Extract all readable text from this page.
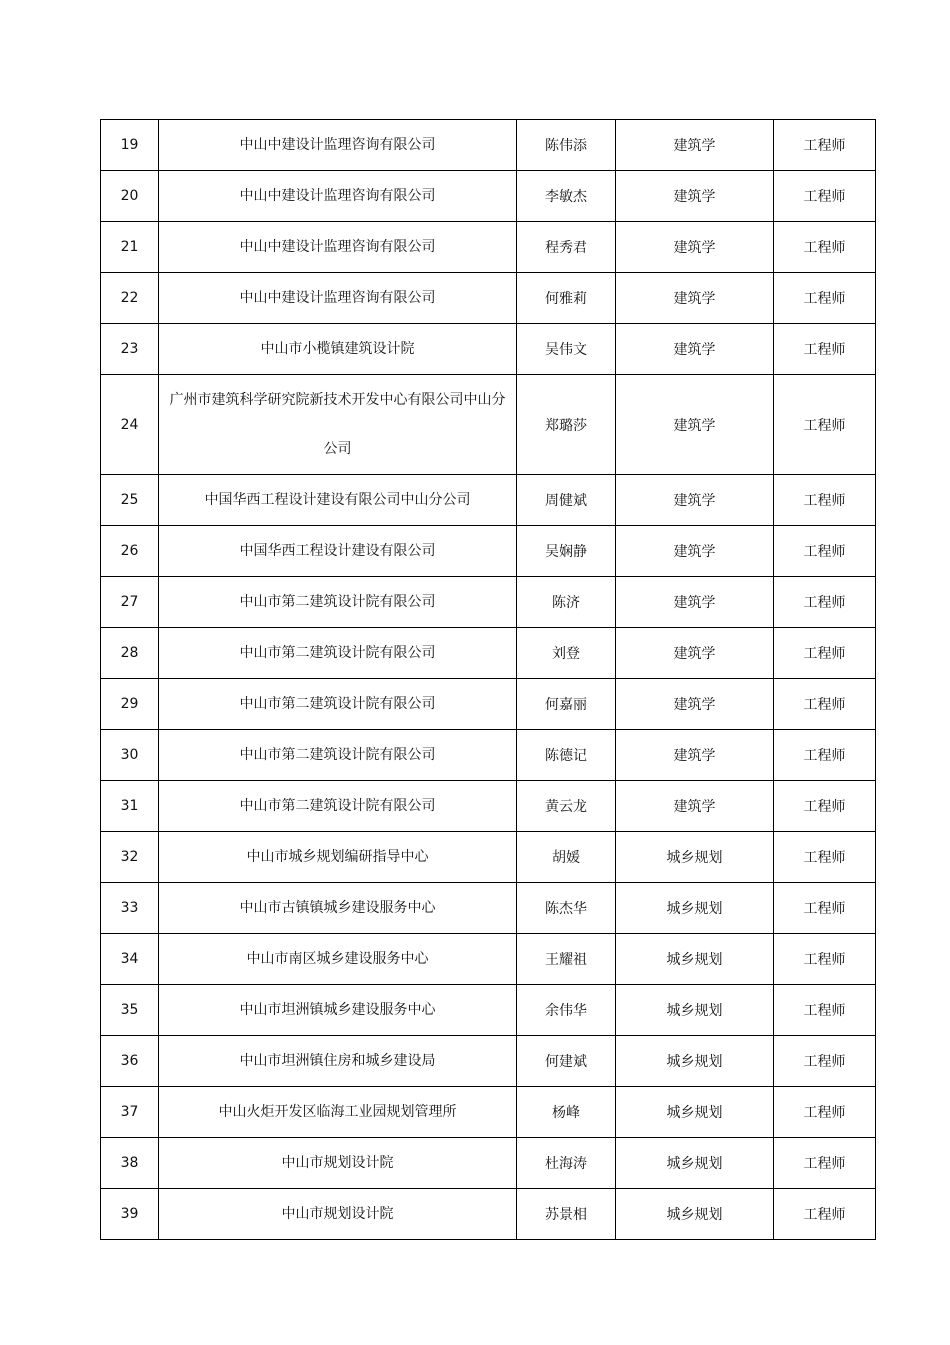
19	中山中建设计监理咨询有限公司	陈伟添	建筑学	工程师
20	中山中建设计监理咨询有限公司	李敏杰	建筑学	工程师
21	中山中建设计监理咨询有限公司	程秀君	建筑学	工程师
22	中山中建设计监理咨询有限公司	何雅莉	建筑学	工程师
23	中山市小榄镇建筑设计院	吴伟文	建筑学	工程师
24	广州市建筑科学研究院新技术开发中心有限公司中山分公司	郑璐莎	建筑学	工程师
25	中国华西工程设计建设有限公司中山分公司	周健斌	建筑学	工程师
26	中国华西工程设计建设有限公司	吴娴静	建筑学	工程师
27	中山市第二建筑设计院有限公司	陈济	建筑学	工程师
28	中山市第二建筑设计院有限公司	刘登	建筑学	工程师
29	中山市第二建筑设计院有限公司	何嘉丽	建筑学	工程师
30	中山市第二建筑设计院有限公司	陈德记	建筑学	工程师
31	中山市第二建筑设计院有限公司	黄云龙	建筑学	工程师
32	中山市城乡规划编研指导中心	胡媛	城乡规划	工程师
33	中山市古镇镇城乡建设服务中心	陈杰华	城乡规划	工程师
34	中山市南区城乡建设服务中心	王耀祖	城乡规划	工程师
35	中山市坦洲镇城乡建设服务中心	余伟华	城乡规划	工程师
36	中山市坦洲镇住房和城乡建设局	何建斌	城乡规划	工程师
37	中山火炬开发区临海工业园规划管理所	杨峰	城乡规划	工程师
38	中山市规划设计院	杜海涛	城乡规划	工程师
39	中山市规划设计院	苏景相	城乡规划	工程师
